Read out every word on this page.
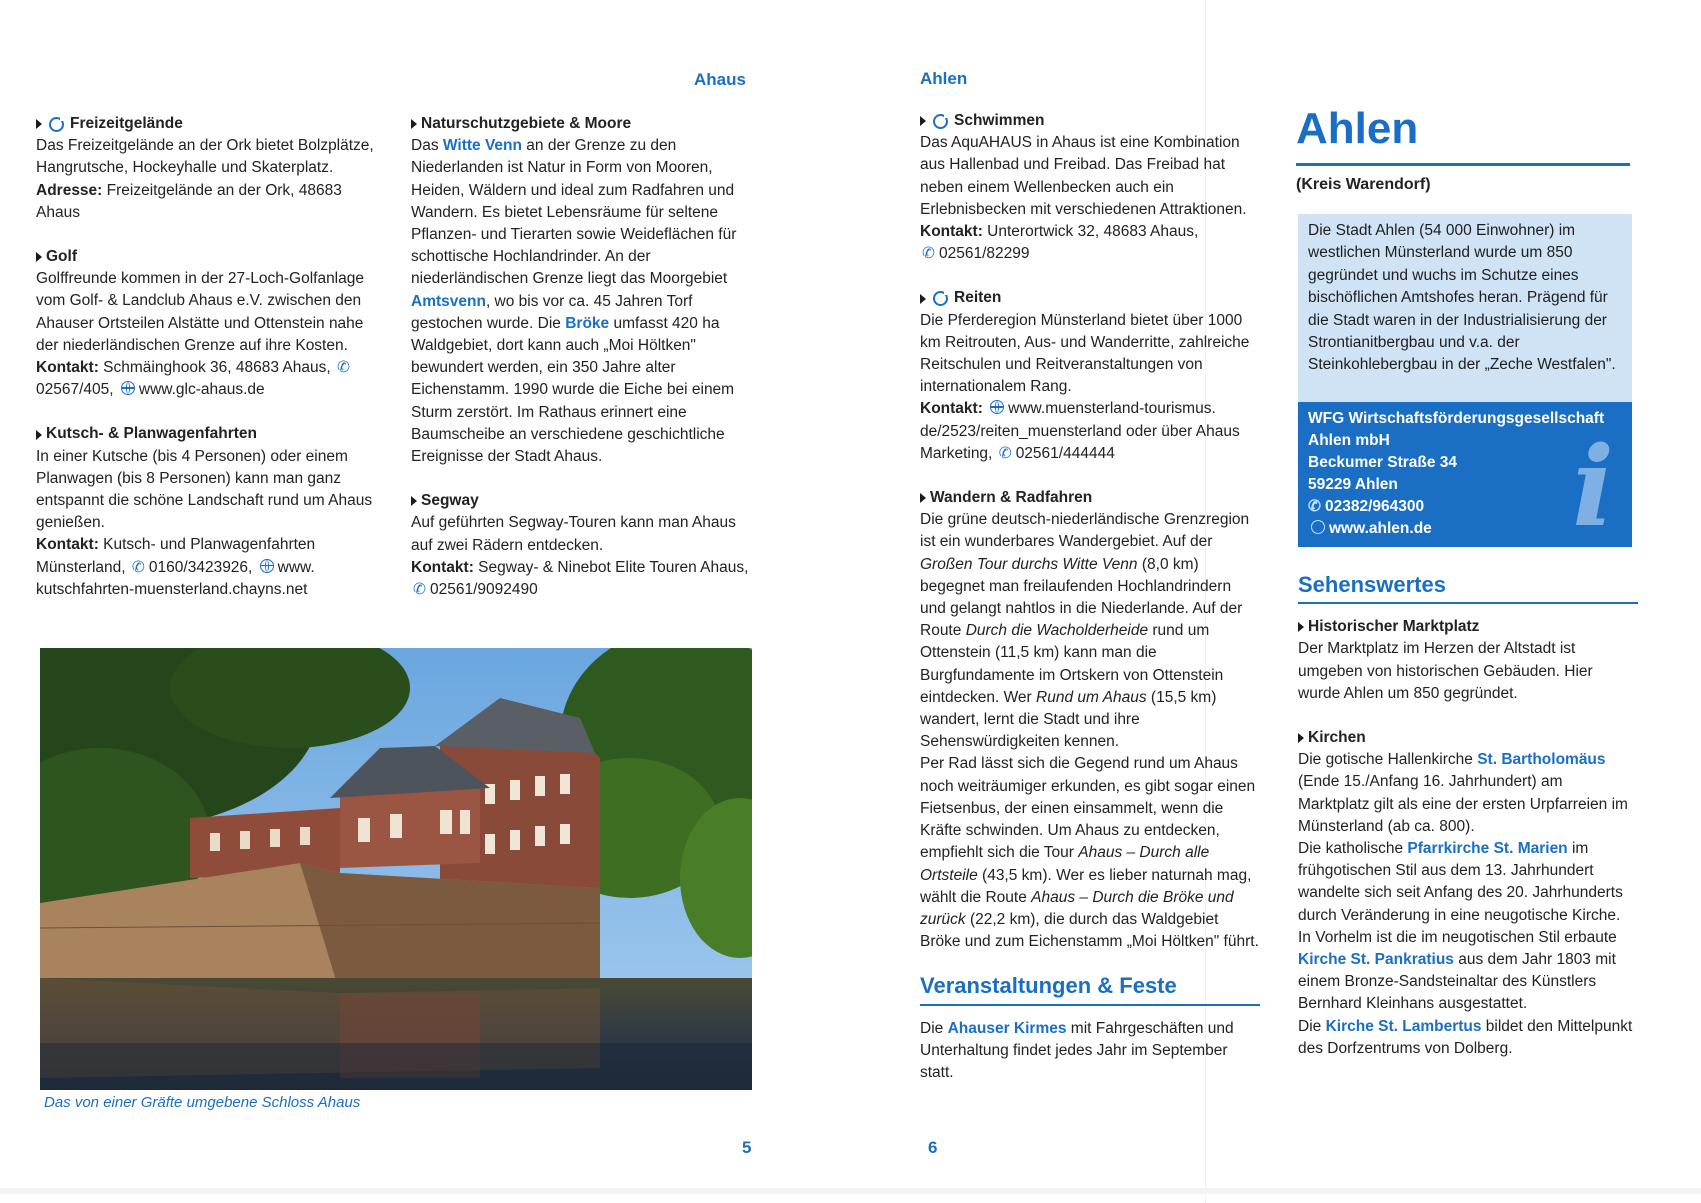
Ahaus	Ahlen
5	6
Freizeitgelände
Das Freizeitgelände an der Ork bietet Bolzplätze, Hangrutsche, Hockeyhalle und Skaterplatz.
Adresse: Freizeitgelände an der Ork, 48683 Ahaus
Golf
Golffreunde kommen in der 27-Loch-Golfanlage vom Golf- & Landclub Ahaus e.V. zwischen den Ahauser Ortsteilen Alstätte und Ottenstein nahe der niederländischen Grenze auf ihre Kosten.
Kontakt: Schmäinghook 36, 48683 Ahaus, ✆02567/405, www.glc-ahaus.de
Kutsch- & Planwagenfahrten
In einer Kutsche (bis 4 Personen) oder einem Planwagen (bis 8 Personen) kann man ganz entspannt die schöne Landschaft rund um Ahaus genießen.
Kontakt: Kutsch- und Planwagenfahrten Münsterland, ✆ 0160/3423926, www. kutschfahrten-muensterland.chayns.net
Naturschutzgebiete & Moore
Das Witte Venn an der Grenze zu den Niederlanden ist Natur in Form von Mooren, Heiden, Wäldern und ideal zum Radfahren und Wandern. Es bietet Lebensräume für seltene Pflanzen- und Tierarten sowie Weideflächen für schottische Hochlandrinder. An der niederländischen Grenze liegt das Moorgebiet Amtsvenn, wo bis vor ca. 45 Jahren Torf gestochen wurde. Die Bröke umfasst 420 ha Waldgebiet, dort kann auch „Moi Höltken" bewundert werden, ein 350 Jahre alter Eichenstamm. 1990 wurde die Eiche bei einem Sturm zerstört. Im Rathaus erinnert eine Baumscheibe an verschiedene geschichtliche Ereignisse der Stadt Ahaus.
Segway
Auf geführten Segway-Touren kann man Ahaus auf zwei Rädern entdecken.
Kontakt: Segway- & Ninebot Elite Touren Ahaus, ✆ 02561/9092490
Das von einer Gräfte umgebene Schloss Ahaus
Schwimmen
Das AquAHAUS in Ahaus ist eine Kombination aus Hallenbad und Freibad. Das Freibad hat neben einem Wellenbecken auch ein Erlebnisbecken mit verschiedenen Attraktionen.
Kontakt: Unterortwick 32, 48683 Ahaus,
✆ 02561/82299
Reiten
Die Pferderegion Münsterland bietet über 1000 km Reitrouten, Aus- und Wanderritte, zahlreiche Reitschulen und Reitveranstaltungen von internationalem Rang.
Kontakt: www.muensterland-tourismus. de/2523/reiten_muensterland oder über Ahaus Marketing, ✆ 02561/444444
Wandern & Radfahren
Die grüne deutsch-niederländische Grenzregion ist ein wunderbares Wandergebiet. Auf der Großen Tour durchs Witte Venn (8,0 km) begegnet man freilaufenden Hochlandrindern und gelangt nahtlos in die Niederlande. Auf der Route Durch die Wacholderheide rund um Ottenstein (11,5 km) kann man die Burgfundamente im Ortskern von Ottenstein eintdecken. Wer Rund um Ahaus (15,5 km) wandert, lernt die Stadt und ihre Sehenswürdigkeiten kennen.
Per Rad lässt sich die Gegend rund um Ahaus noch weiträumiger erkunden, es gibt sogar einen Fietsenbus, der einen einsammelt, wenn die Kräfte schwinden. Um Ahaus zu entdecken, empfiehlt sich die Tour Ahaus – Durch alle Ortsteile (43,5 km). Wer es lieber naturnah mag, wählt die Route Ahaus – Durch die Bröke und zurück (22,2 km), die durch das Waldgebiet Bröke und zum Eichenstamm „Moi Höltken" führt.
Veranstaltungen & Feste
Die Ahauser Kirmes mit Fahrgeschäften und Unterhaltung findet jedes Jahr im September statt.
Ahlen
(Kreis Warendorf)
Die Stadt Ahlen (54 000 Einwohner) im westlichen Münsterland wurde um 850 gegründet und wuchs im Schutze eines bischöflichen Amtshofes heran. Prägend für die Stadt waren in der Industrialisierung der Strontianitbergbau und v.a. der Steinkohlebergbau in der „Zeche Westfalen".
i
WFG Wirtschaftsförderungsgesellschaft Ahlen mbH
Beckumer Straße 34
59229 Ahlen
✆ 02382/964300
www.ahlen.de
Sehenswertes
Historischer Marktplatz
Der Marktplatz im Herzen der Altstadt ist umgeben von historischen Gebäuden. Hier wurde Ahlen um 850 gegründet.
Kirchen
Die gotische Hallenkirche St. Bartholomäus (Ende 15./Anfang 16. Jahrhundert) am Marktplatz gilt als eine der ersten Urpfarreien im Münsterland (ab ca. 800).
Die katholische Pfarrkirche St. Marien im frühgotischen Stil aus dem 13. Jahrhundert wandelte sich seit Anfang des 20. Jahrhunderts durch Veränderung in eine neugotische Kirche.
In Vorhelm ist die im neugotischen Stil erbaute Kirche St. Pankratius aus dem Jahr 1803 mit einem Bronze-Sandsteinaltar des Künstlers Bernhard Kleinhans ausgestattet.
Die Kirche St. Lambertus bildet den Mittelpunkt des Dorfzentrums von Dolberg.
